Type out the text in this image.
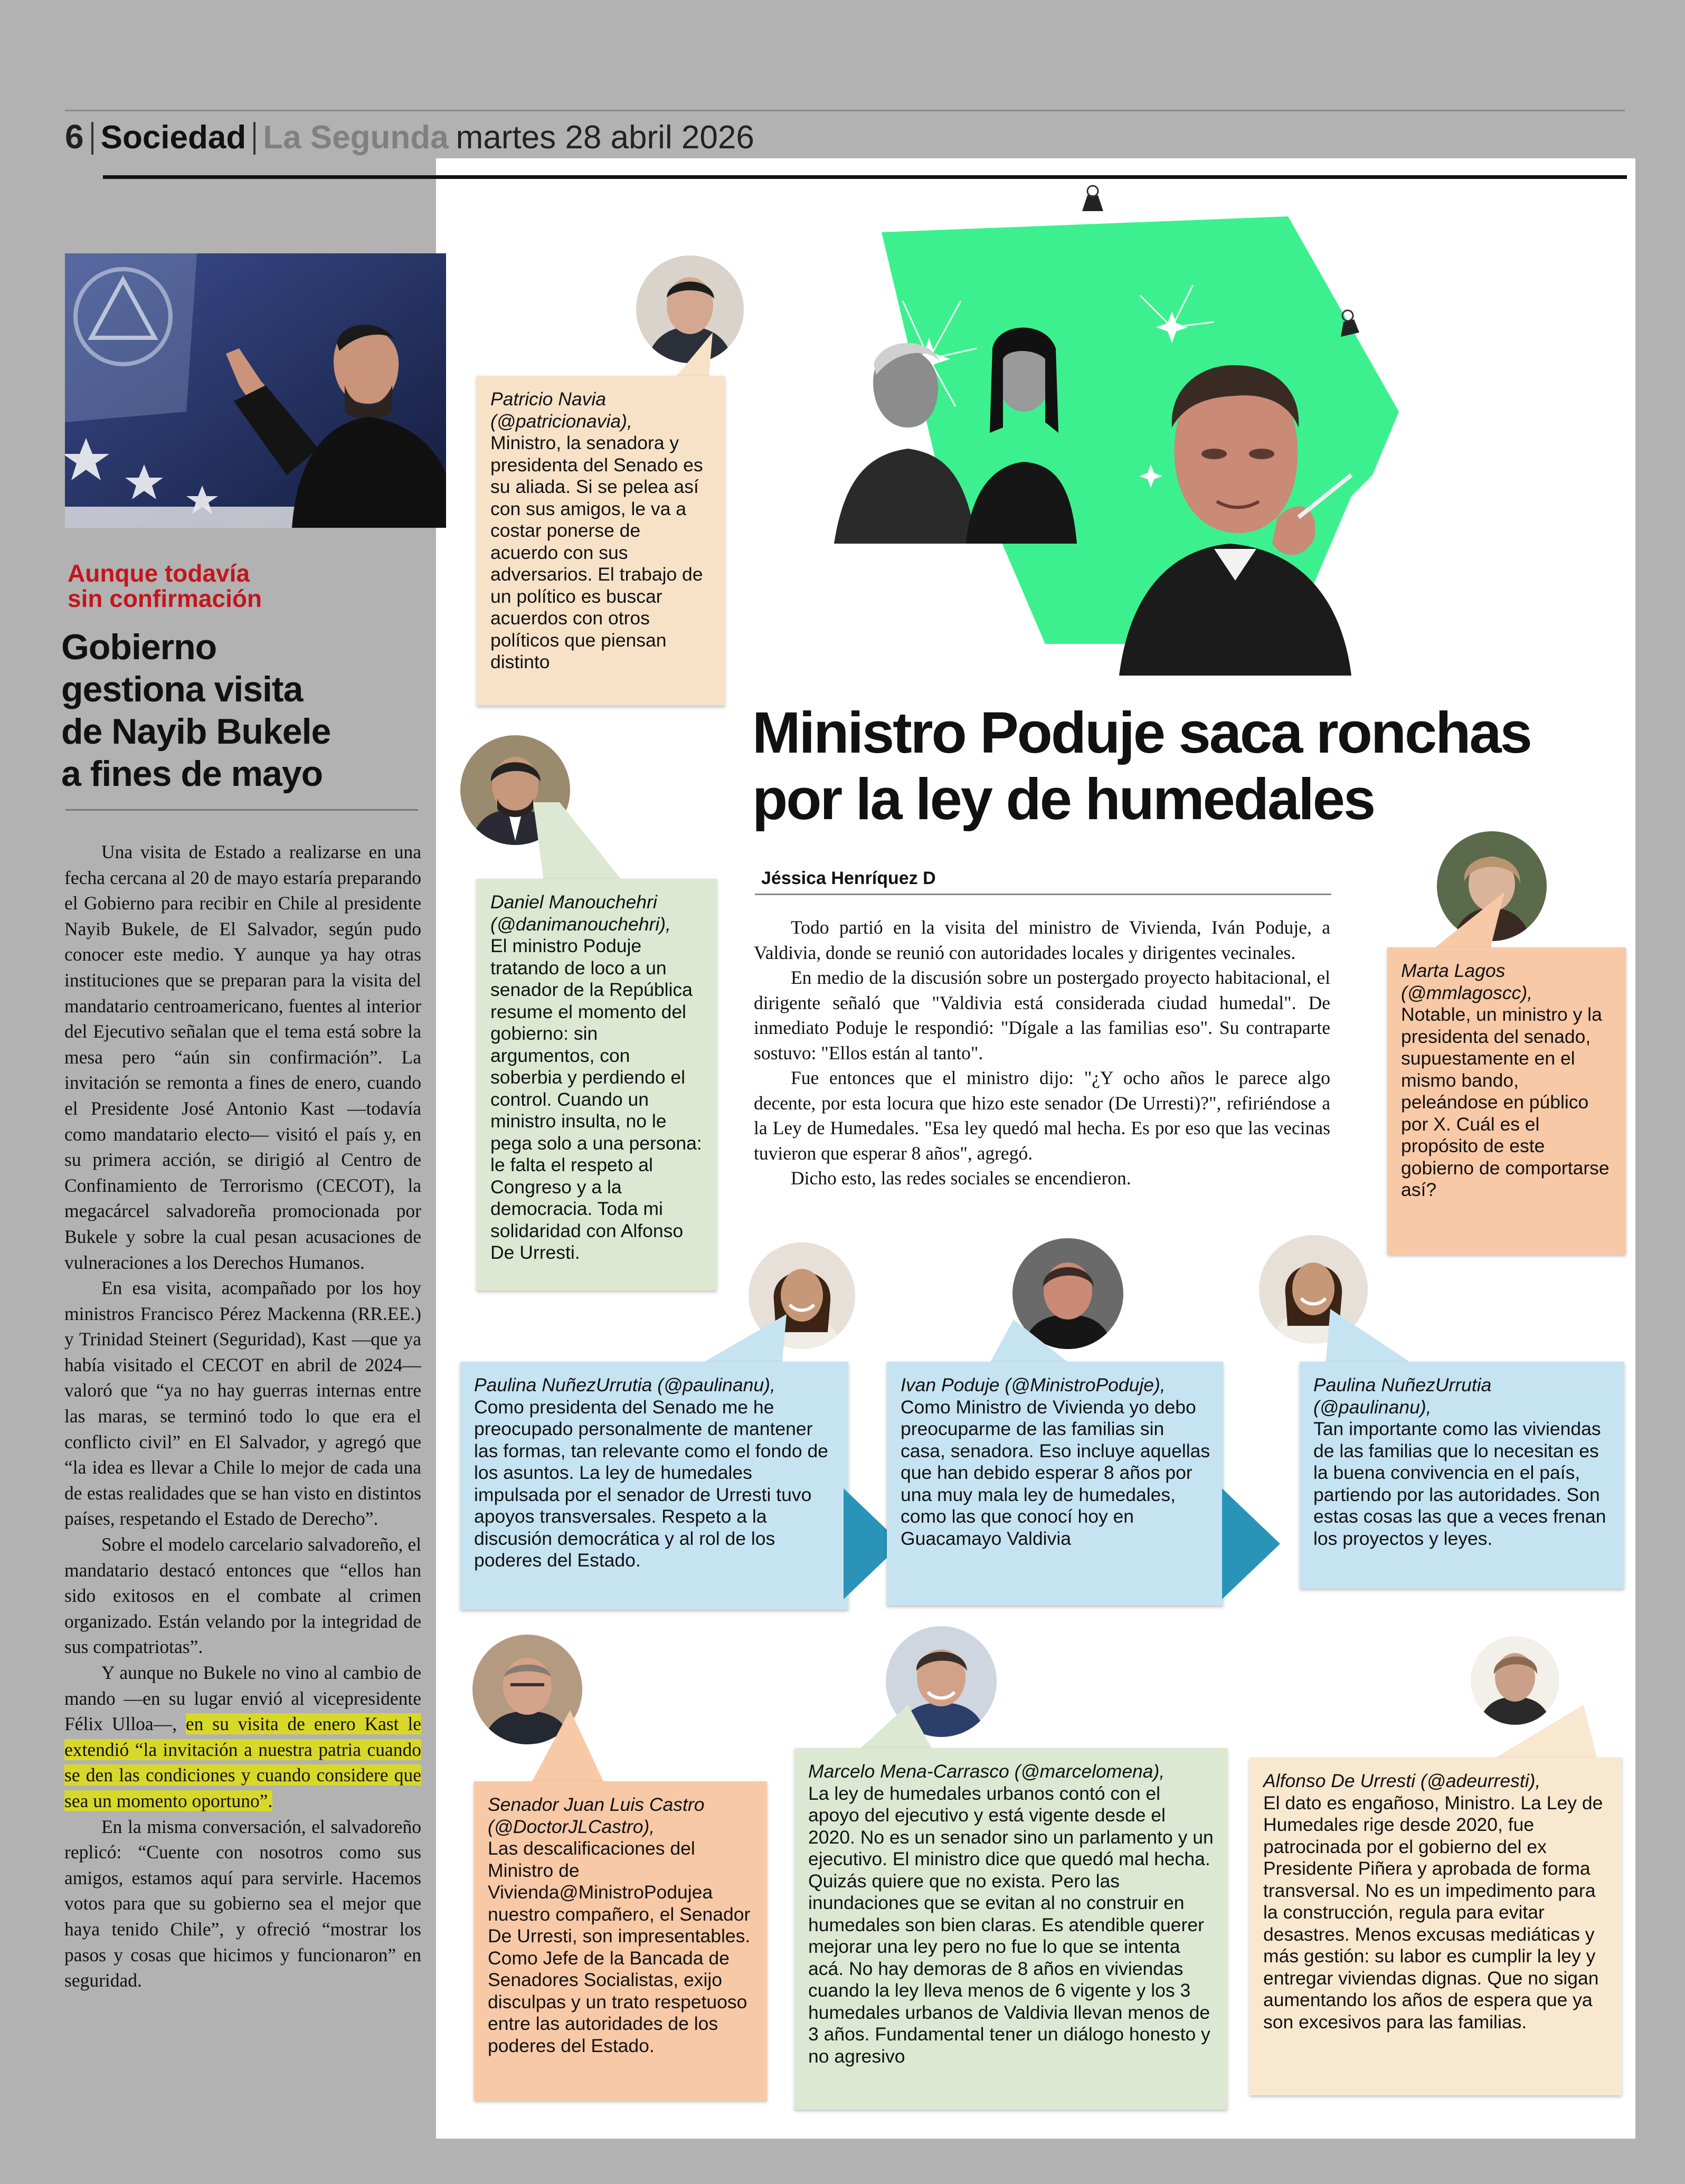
6 Sociedad La Segunda martes 28 abril 2026
Aunque todavía
sin confirmación
Gobierno
gestiona visita
de Nayib Bukele
a fines de mayo

Una visita de Estado a realizarse en una fecha cercana al 20 de mayo estaría preparando el Gobierno para recibir en Chile al presidente Nayib Bukele, de El Salvador, según pudo conocer este medio. Y aunque ya hay otras instituciones que se preparan para la visita del mandatario centroamericano, fuentes al interior del Ejecutivo señalan que el tema está sobre la mesa pero “aún sin confirmación”. La invitación se remonta a fines de enero, cuando el Presidente José Antonio Kast —todavía como mandatario electo— visitó el país y, en su primera acción, se dirigió al Centro de Confinamiento de Terrorismo (CECOT), la megacárcel salvadoreña promocionada por Bukele y sobre la cual pesan acusaciones de vulneraciones a los Derechos Humanos.

En esa visita, acompañado por los hoy ministros Francisco Pérez Mackenna (RR.EE.) y Trinidad Steinert (Seguridad), Kast —que ya había visitado el CECOT en abril de 2024— valoró que “ya no hay guerras internas entre las maras, se terminó todo lo que era el conflicto civil” en El Salvador, y agregó que “la idea es llevar a Chile lo mejor de cada una de estas realidades que se han visto en distintos países, respetando el Estado de Derecho”.

Sobre el modelo carcelario salvadoreño, el mandatario destacó entonces que “ellos han sido exitosos en el combate al crimen organizado. Están velando por la integridad de sus compatriotas”.

Y aunque no Bukele no vino al cambio de mando —en su lugar envió al vicepresidente Félix Ulloa—, en su visita de enero Kast le extendió “la invitación a nuestra patria cuando se den las condiciones y cuando considere que sea un momento oportuno”.

En la misma conversación, el salvadoreño replicó: “Cuente con nosotros como sus amigos, estamos aquí para servirle. Hacemos votos para que su gobierno sea el mejor que haya tenido Chile”, y ofreció “mostrar los pasos y cosas que hicimos y funcionaron” en seguridad.

Ministro Poduje saca ronchas
por la ley de humedales
Jéssica Henríquez D

Todo partió en la visita del ministro de Vivienda, Iván Poduje, a Valdivia, donde se reunió con autoridades locales y dirigentes vecinales.

En medio de la discusión sobre un postergado proyecto habitacional, el dirigente señaló que "Valdivia está considerada ciudad humedal". De inmediato Poduje le respondió: "Dígale a las familias eso". Su contraparte sostuvo: "Ellos están al tanto".

Fue entonces que el ministro dijo: "¿Y ocho años le parece algo decente, por esta locura que hizo este senador (De Urresti)?", refiriéndose a la Ley de Humedales. "Esa ley quedó mal hecha. Es por eso que las vecinas tuvieron que esperar 8 años", agregó.

Dicho esto, las redes sociales se encendieron.

Patricio Navia (@patricionavia),
Ministro, la senadora y presidenta del Senado es su aliada. Si se pelea así con sus amigos, le va a costar ponerse de acuerdo con sus adversarios. El trabajo de un político es buscar acuerdos con otros políticos que piensan distinto
Daniel Manouchehri (@danimanouchehri),
El ministro Poduje tratando de loco a un senador de la República resume el momento del gobierno: sin argumentos, con soberbia y perdiendo el control. Cuando un ministro insulta, no le pega solo a una persona: le falta el respeto al Congreso y a la democracia. Toda mi solidaridad con Alfonso De Urresti.
Marta Lagos (@mmlagoscc),
Notable, un ministro y la presidenta del senado, supuestamente en el mismo bando, peleándose en público por X. Cuál es el propósito de este gobierno de comportarse así?
Paulina NuñezUrrutia (@paulinanu),
Como presidenta del Senado me he preocupado personalmente de mantener las formas, tan relevante como el fondo de los asuntos. La ley de humedales impulsada por el senador de Urresti tuvo apoyos transversales. Respeto a la discusión democrática y al rol de los poderes del Estado.
Ivan Poduje (@MinistroPoduje),
Como Ministro de Vivienda yo debo preocuparme de las familias sin casa, senadora. Eso incluye aquellas que han debido esperar 8 años por una muy mala ley de humedales, como las que conocí hoy en Guacamayo Valdivia
Paulina NuñezUrrutia (@paulinanu),
Tan importante como las viviendas de las familias que lo necesitan es la buena convivencia en el país, partiendo por las autoridades. Son estas cosas las que a veces frenan los proyectos y leyes.
Senador Juan Luis Castro (@DoctorJLCastro),
Las descalificaciones del Ministro de Vivienda@MinistroPodujea nuestro compañero, el Senador De Urresti, son impresentables. Como Jefe de la Bancada de Senadores Socialistas, exijo disculpas y un trato respetuoso entre las autoridades de los poderes del Estado.
Marcelo Mena-Carrasco (@marcelomena),
La ley de humedales urbanos contó con el apoyo del ejecutivo y está vigente desde el 2020. No es un senador sino un parlamento y un ejecutivo. El ministro dice que quedó mal hecha. Quizás quiere que no exista. Pero las inundaciones que se evitan al no construir en humedales son bien claras. Es atendible querer mejorar una ley pero no fue lo que se intenta acá. No hay demoras de 8 años en viviendas cuando la ley lleva menos de 6 vigente y los 3 humedales urbanos de Valdivia llevan menos de 3 años. Fundamental tener un diálogo honesto y no agresivo
Alfonso De Urresti (@adeurresti),
El dato es engañoso, Ministro. La Ley de Humedales rige desde 2020, fue patrocinada por el gobierno del ex Presidente Piñera y aprobada de forma transversal. No es un impedimento para la construcción, regula para evitar desastres. Menos excusas mediáticas y más gestión: su labor es cumplir la ley y entregar viviendas dignas. Que no sigan aumentando los años de espera que ya son excesivos para las familias.
